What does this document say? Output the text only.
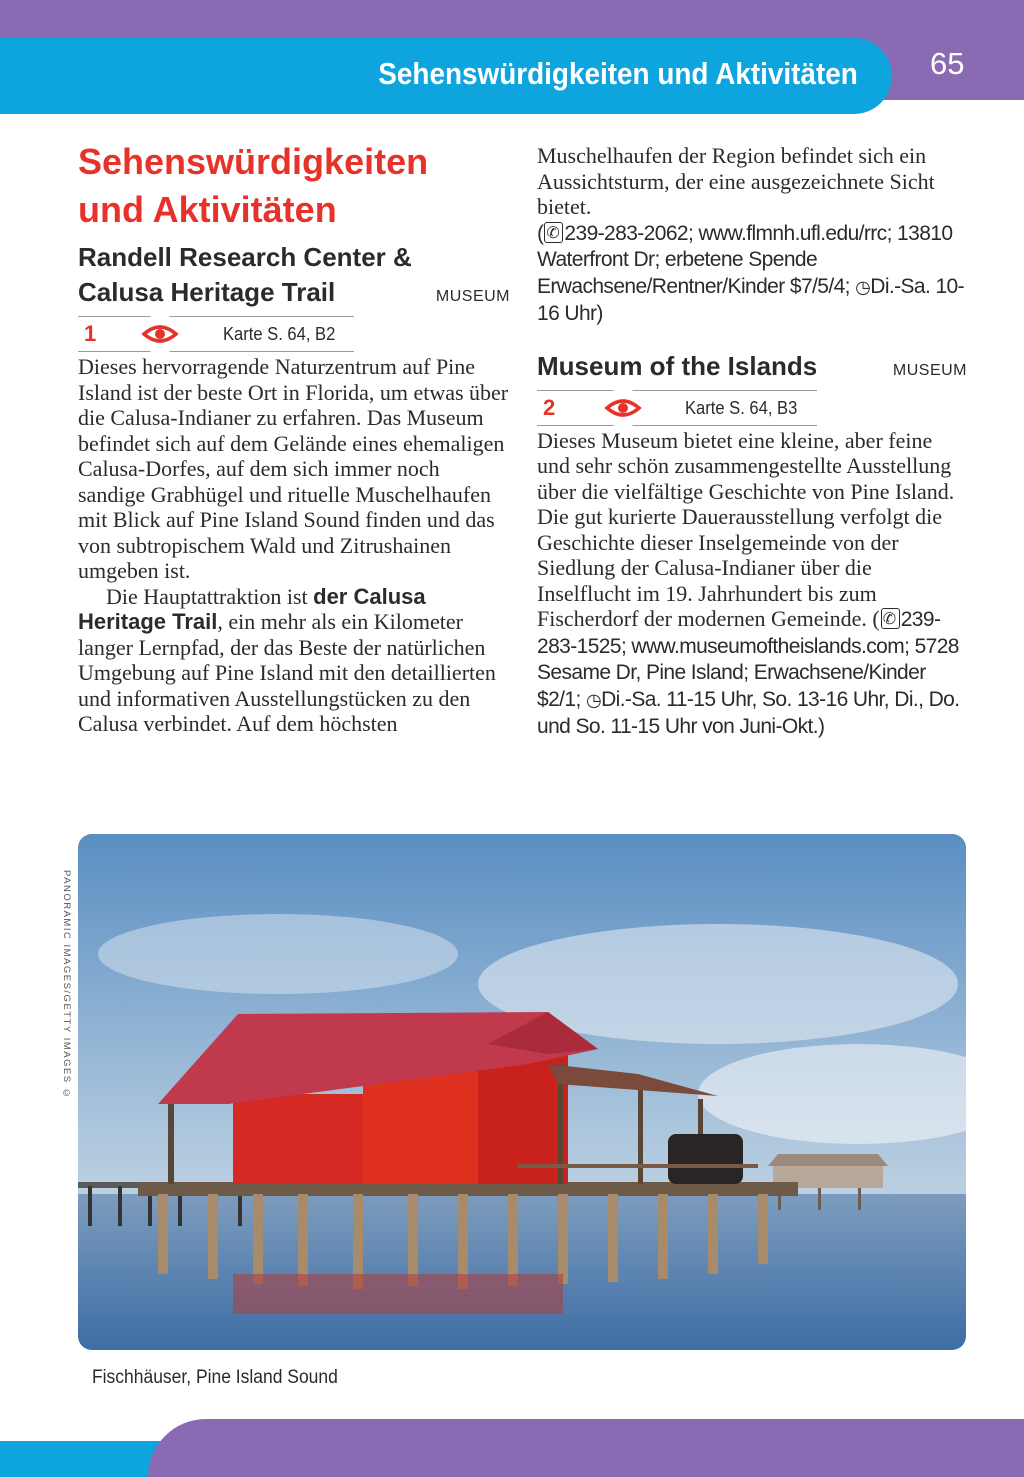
Sehenswürdigkeiten und Aktivitäten 65
Sehenswürdigkeiten
und Aktivitäten
Randell Research Center &
Calusa Heritage Trail	MUSEUM
1	Karte S. 64, B2

Dieses hervorragende Naturzentrum auf Pine Island ist der beste Ort in Florida, um etwas über die Calusa-Indianer zu erfahren. Das Museum befindet sich auf dem Gelände eines ehemaligen Calusa-Dorfes, auf dem sich immer noch sandige Grabhügel und rituelle Muschelhaufen mit Blick auf Pine Island Sound finden und das von subtropischem Wald und Zitrushainen umgeben ist.

Die Hauptattraktion ist der Calusa Heritage Trail, ein mehr als ein Kilometer langer Lernpfad, der das Beste der natürlichen Umgebung auf Pine Island mit den detaillierten und informativen Ausstellungstücken zu den Calusa verbindet. Auf dem höchsten

Muschelhaufen der Region befindet sich ein Aussichtsturm, der eine ausgezeichnete Sicht bietet.
( ✆ 239-283-2062; www.flmnh.ufl.edu/rrc; 13810 Waterfront Dr; erbetene Spende Erwachsene/Rentner/Kinder $7/5/4; ◷Di.-Sa. 10-16 Uhr)

Museum of the Islands	MUSEUM
2	Karte S. 64, B3

Dieses Museum bietet eine kleine, aber feine und sehr schön zusammengestellte Ausstellung über die vielfältige Geschichte von Pine Island. Die gut kurierte Dauerausstellung verfolgt die Geschichte dieser Inselgemeinde von der Siedlung der Calusa-Indianer über die Inselflucht im 19. Jahrhundert bis zum Fischerdorf der modernen Gemeinde. ( ✆ 239-283-1525; www.museumoftheislands.com; 5728 Sesame Dr, Pine Island; Erwachsene/Kinder $2/1; ◷Di.-Sa. 11-15 Uhr, So. 13-16 Uhr, Di., Do. und So. 11-15 Uhr von Juni-Okt.)

PANORAMIC IMAGES/GETTY IMAGES ©
Fischhäuser, Pine Island Sound
